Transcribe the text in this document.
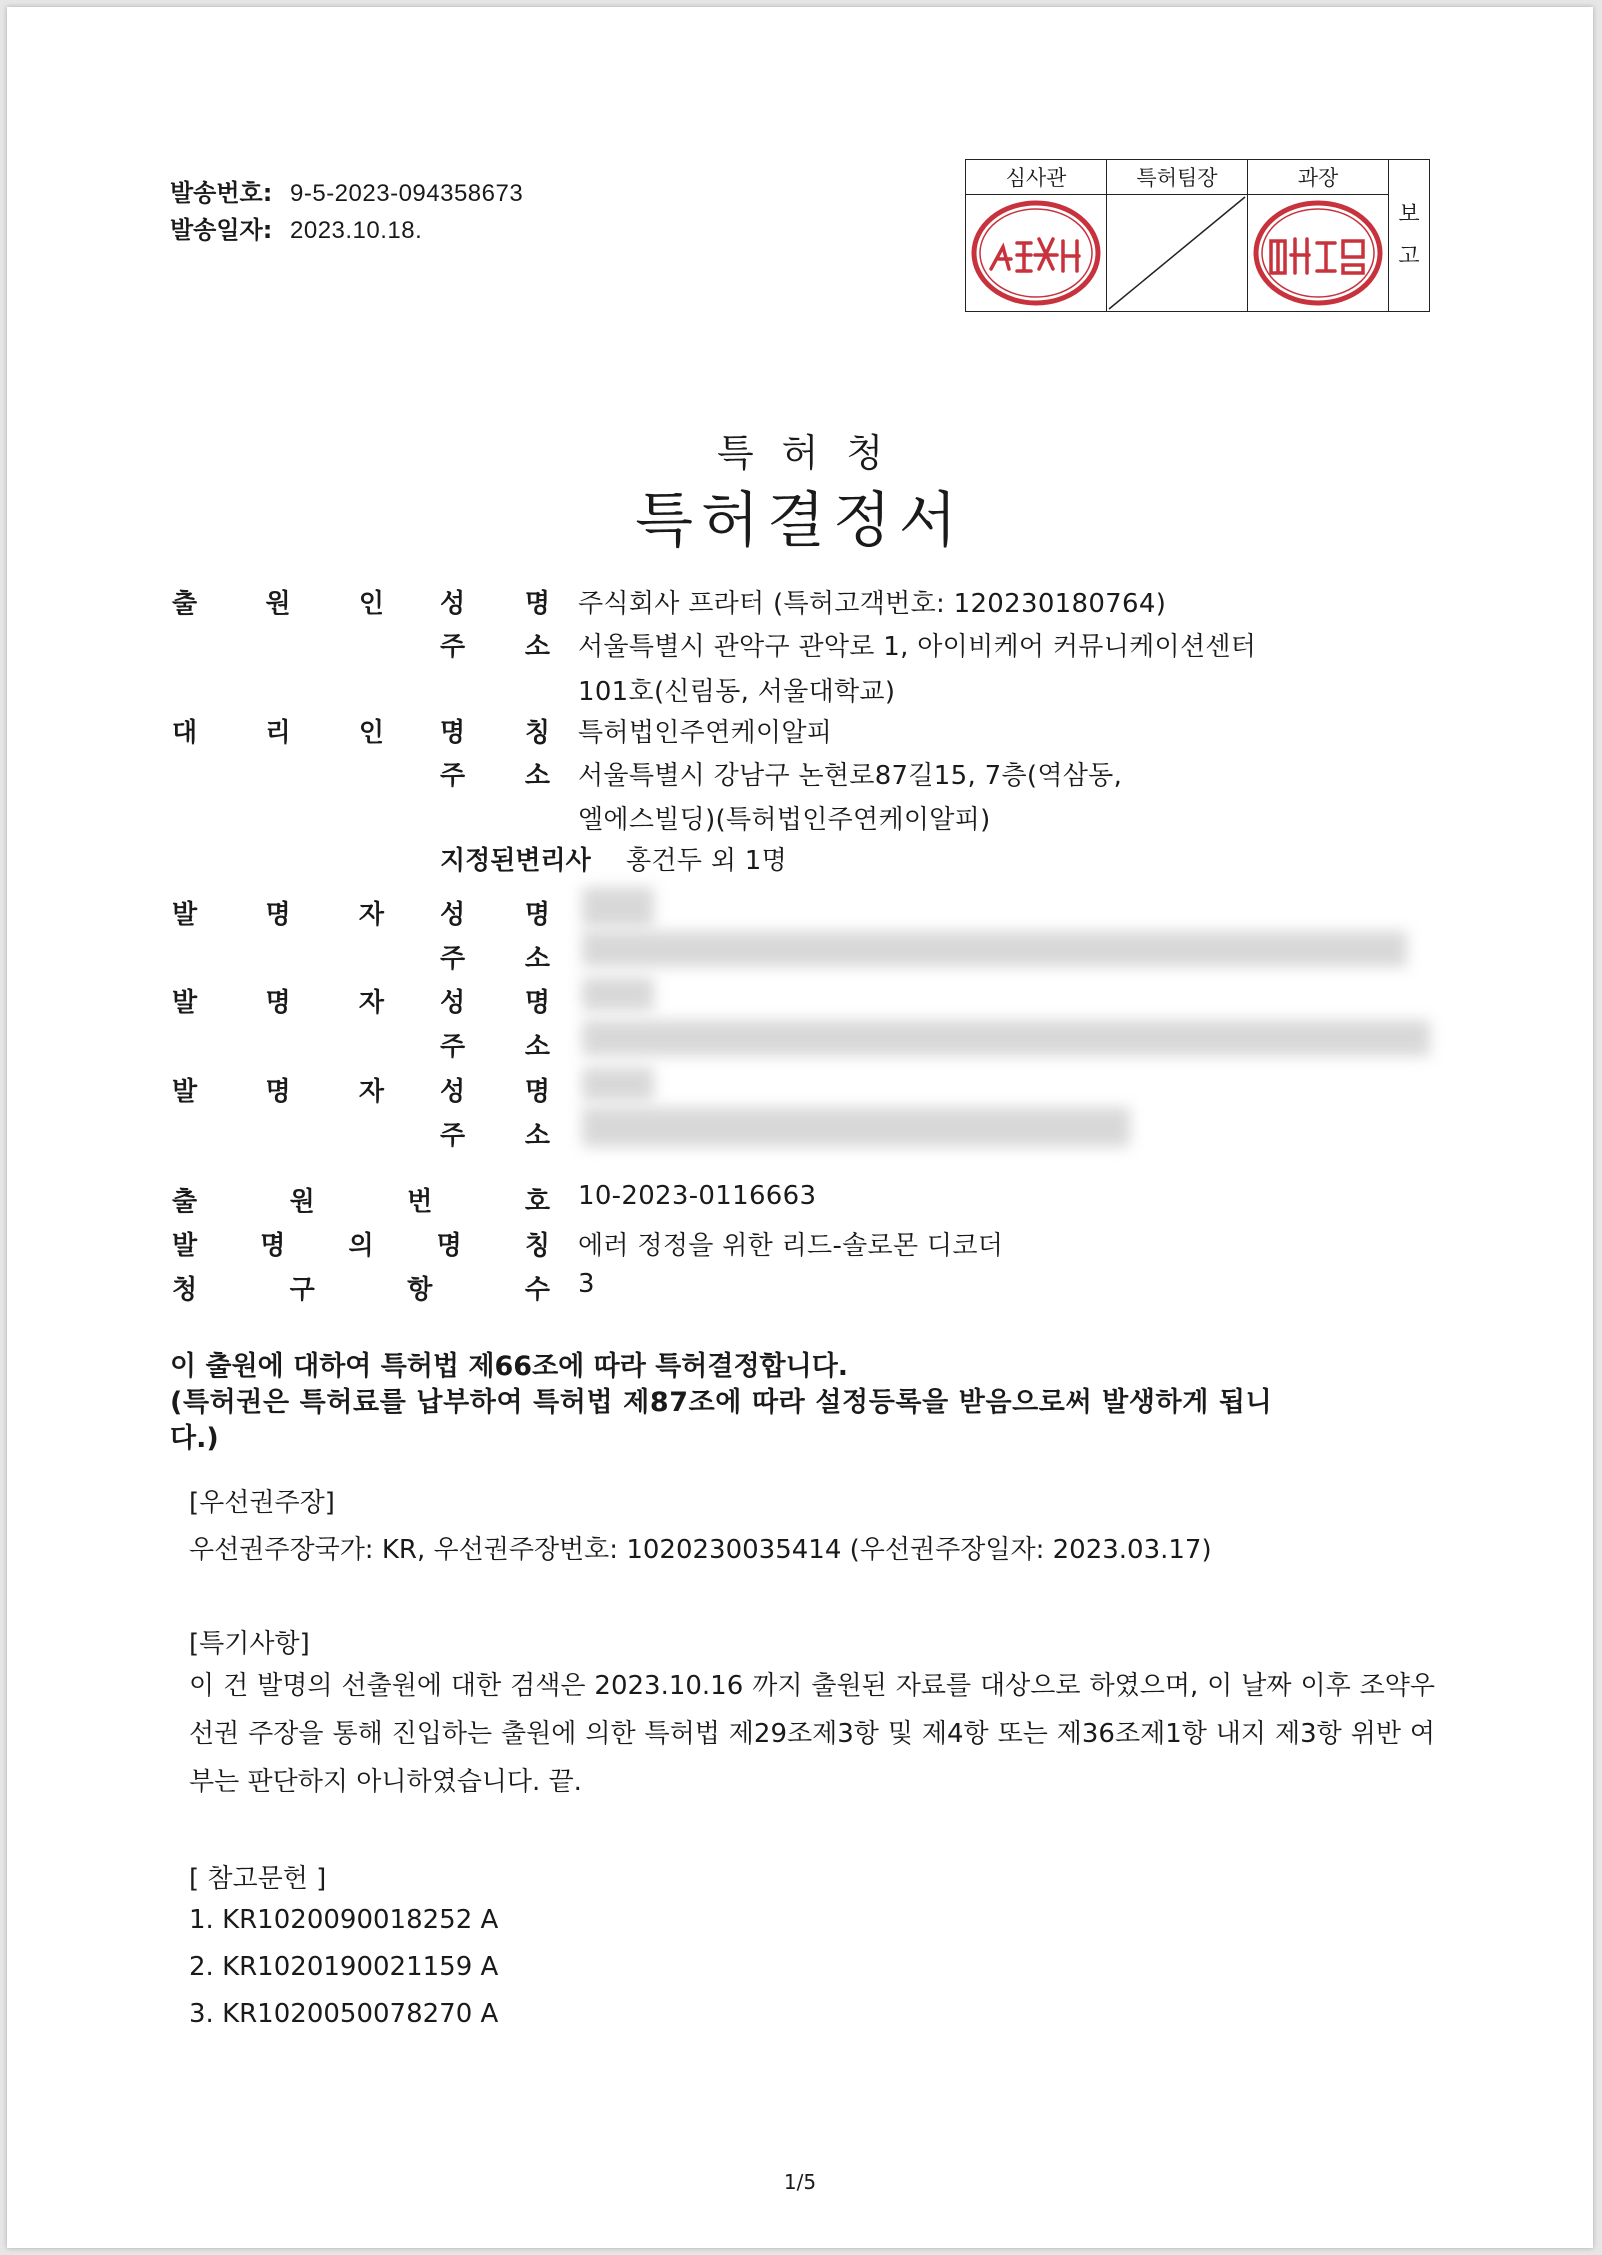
발송번호: 9-5-2023-094358673
발송일자: 2023.10.18.
심사관	특허팀장	과장	보고

특허청
특허결정서
출	원	인 성 명 주식회사 프라터 (특허고객번호: 120230180764)
주 소 서울특별시 관악구 관악로 1, 아이비케어 커뮤니케이션센터
101호(신림동, 서울대학교)
대	리	인 명 칭 특허법인주연케이알피
주 소 서울특별시 강남구 논현로87길15, 7층(역삼동,
엘에스빌딩)(특허법인주연케이알피)
지정된변리사 홍건두 외 1명
발	명	자 성 명
주 소
발	명	자 성 명
주 소
발	명	자 성 명
주 소
출	원	번	호 10-2023-0116663
발 명 의 명 칭 에러 정정을 위한 리드-솔로몬 디코더
청	구	항	수 3
이 출원에 대하여 특허법 제66조에 따라 특허결정합니다.
(특허권은 특허료를 납부하여 특허법 제87조에 따라 설정등록을 받음으로써 발생하게 됩니
다.)
[우선권주장]
우선권주장국가: KR, 우선권주장번호: 1020230035414 (우선권주장일자: 2023.03.17)
[특기사항]
이 건 발명의 선출원에 대한 검색은 2023.10.16 까지 출원된 자료를 대상으로 하였으며, 이 날짜 이후 조약우선권 주장을 통해 진입하는 출원에 의한 특허법 제29조제3항 및 제4항 또는 제36조제1항 내지 제3항 위반 여부는 판단하지 아니하였습니다. 끝.
[ 참고문헌 ]
1. KR1020090018252 A
2. KR1020190021159 A
3. KR1020050078270 A
1/5
